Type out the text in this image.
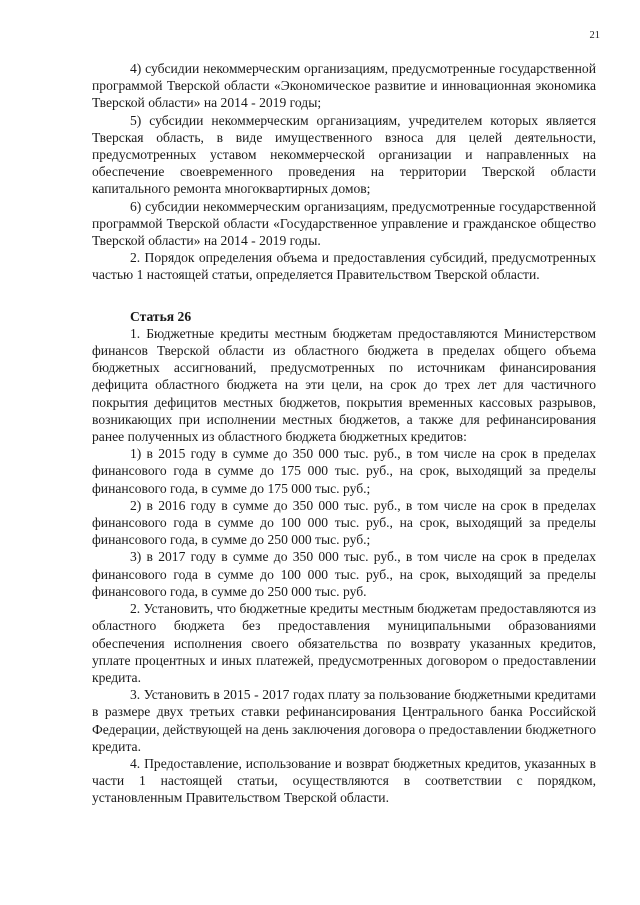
21

4) субсидии некоммерческим организациям, предусмотренные государственной программой Тверской области «Экономическое развитие и инновационная экономика Тверской области» на 2014 - 2019 годы;

5) субсидии некоммерческим организациям, учредителем которых является Тверская область, в виде имущественного взноса для целей деятельности, предусмотренных уставом некоммерческой организации и направленных на обеспечение своевременного проведения на территории Тверской области капитального ремонта многоквартирных домов;

6) субсидии некоммерческим организациям, предусмотренные государственной программой Тверской области «Государственное управление и гражданское общество Тверской области» на 2014 - 2019 годы.

2. Порядок определения объема и предоставления субсидий, предусмотренных частью 1 настоящей статьи, определяется Правительством Тверской области.

Статья 26

1. Бюджетные кредиты местным бюджетам предоставляются Министерством финансов Тверской области из областного бюджета в пределах общего объема бюджетных ассигнований, предусмотренных по источникам финансирования дефицита областного бюджета на эти цели, на срок до трех лет для частичного покрытия дефицитов местных бюджетов, покрытия временных кассовых разрывов, возникающих при исполнении местных бюджетов, а также для рефинансирования ранее полученных из областного бюджета бюджетных кредитов:

1) в 2015 году в сумме до 350 000 тыс. руб., в том числе на срок в пределах финансового года в сумме до 175 000 тыс. руб., на срок, выходящий за пределы финансового года, в сумме до 175 000 тыс. руб.;

2) в 2016 году в сумме до 350 000 тыс. руб., в том числе на срок в пределах финансового года в сумме до 100 000 тыс. руб., на срок, выходящий за пределы финансового года, в сумме до 250 000 тыс. руб.;

3) в 2017 году в сумме до 350 000 тыс. руб., в том числе на срок в пределах финансового года в сумме до 100 000 тыс. руб., на срок, выходящий за пределы финансового года, в сумме до 250 000 тыс. руб.

2. Установить, что бюджетные кредиты местным бюджетам предоставляются из областного бюджета без предоставления муниципальными образованиями обеспечения исполнения своего обязательства по возврату указанных кредитов, уплате процентных и иных платежей, предусмотренных договором о предоставлении кредита.

3. Установить в 2015 - 2017 годах плату за пользование бюджетными кредитами в размере двух третьих ставки рефинансирования Центрального банка Российской Федерации, действующей на день заключения договора о предоставлении бюджетного кредита.

4. Предоставление, использование и возврат бюджетных кредитов, указанных в части 1 настоящей статьи, осуществляются в соответствии с порядком, установленным Правительством Тверской области.
